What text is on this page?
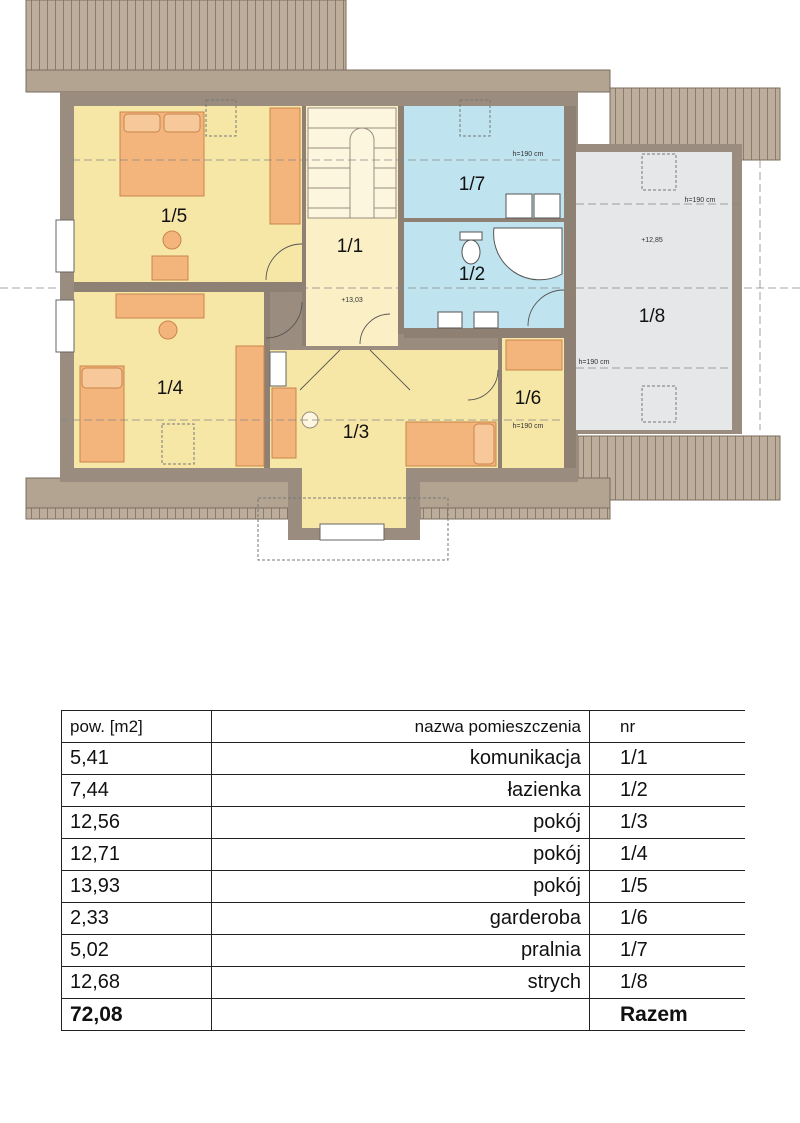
h=190 cm
h=190 cm
h=190 cm
h=190 cm
+13,03
+12,85
1/1
1/2
1/3
1/4
1/5
1/6
1/7
1/8
pow. [m2]	nazwa pomieszczenia	nr
5,41	komunikacja	1/1
7,44	łazienka	1/2
12,56	pokój	1/3
12,71	pokój	1/4
13,93	pokój	1/5
2,33	garderoba	1/6
5,02	pralnia	1/7
12,68	strych	1/8
72,08		Razem
